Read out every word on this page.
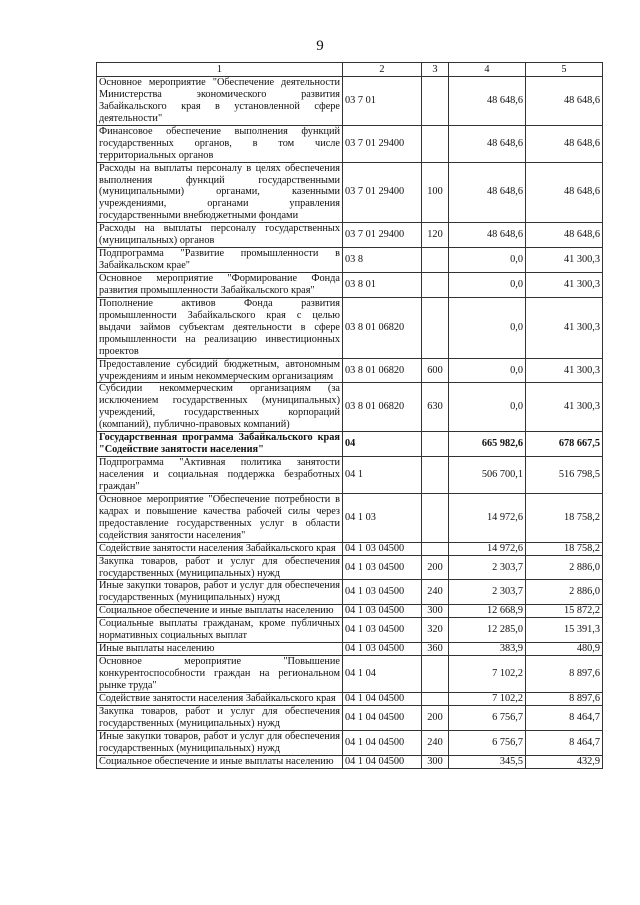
9
1	2	3	4	5
Основное мероприятие "Обеспечение деятельности Министерства экономического развития Забайкальского края в установленной сфере деятельности"	03 7 01		48 648,6	48 648,6
Финансовое обеспечение выполнения функций государственных органов, в том числе территориальных органов	03 7 01 29400		48 648,6	48 648,6
Расходы на выплаты персоналу в целях обеспечения выполнения функций государственными (муниципальными) органами, казенными учреждениями, органами управления государственными внебюджетными фондами	03 7 01 29400	100	48 648,6	48 648,6
Расходы на выплаты персоналу государственных (муниципальных) органов	03 7 01 29400	120	48 648,6	48 648,6
Подпрограмма "Развитие промышленности в Забайкальском крае"	03 8		0,0	41 300,3
Основное мероприятие "Формирование Фонда развития промышленности Забайкальского края"	03 8 01		0,0	41 300,3
Пополнение активов Фонда развития промышленности Забайкальского края с целью выдачи займов субъектам деятельности в сфере промышленности на реализацию инвестиционных проектов	03 8 01 06820		0,0	41 300,3
Предоставление субсидий бюджетным, автономным учреждениям и иным некоммерческим организациям	03 8 01 06820	600	0,0	41 300,3
Субсидии некоммерческим организациям (за исключением государственных (муниципальных) учреждений, государственных корпораций (компаний), публично-правовых компаний)	03 8 01 06820	630	0,0	41 300,3
Государственная программа Забайкальского края "Содействие занятости населения"	04		665 982,6	678 667,5
Подпрограмма "Активная политика занятости населения и социальная поддержка безработных граждан"	04 1		506 700,1	516 798,5
Основное мероприятие "Обеспечение потребности в кадрах и повышение качества рабочей силы через предоставление государственных услуг в области содействия занятости населения"	04 1 03		14 972,6	18 758,2
Содействие занятости населения Забайкальского края	04 1 03 04500		14 972,6	18 758,2
Закупка товаров, работ и услуг для обеспечения государственных (муниципальных) нужд	04 1 03 04500	200	2 303,7	2 886,0
Иные закупки товаров, работ и услуг для обеспечения государственных (муниципальных) нужд	04 1 03 04500	240	2 303,7	2 886,0
Социальное обеспечение и иные выплаты населению	04 1 03 04500	300	12 668,9	15 872,2
Социальные выплаты гражданам, кроме публичных нормативных социальных выплат	04 1 03 04500	320	12 285,0	15 391,3
Иные выплаты населению	04 1 03 04500	360	383,9	480,9
Основное мероприятие "Повышение конкурентоспособности граждан на региональном рынке труда"	04 1 04		7 102,2	8 897,6
Содействие занятости населения Забайкальского края	04 1 04 04500		7 102,2	8 897,6
Закупка товаров, работ и услуг для обеспечения государственных (муниципальных) нужд	04 1 04 04500	200	6 756,7	8 464,7
Иные закупки товаров, работ и услуг для обеспечения государственных (муниципальных) нужд	04 1 04 04500	240	6 756,7	8 464,7
Социальное обеспечение и иные выплаты населению	04 1 04 04500	300	345,5	432,9
